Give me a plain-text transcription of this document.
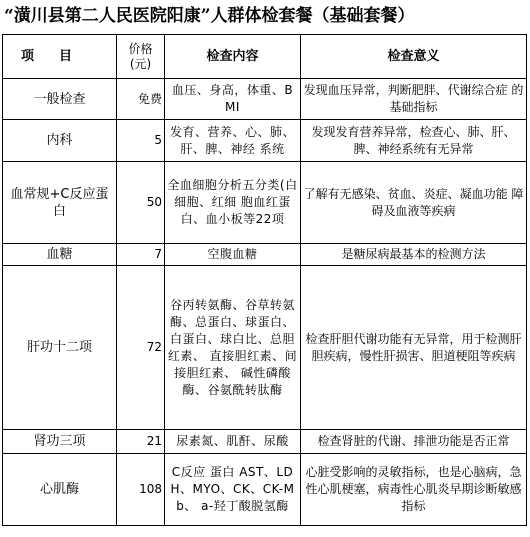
“潢川县第二人民医院阳康”人群体检套餐（基础套餐）
项　目	价格(元)	检查内容	检查意义
一般检查	免费	血压、身高，体重、BMI	发现血压异常，判断肥胖、代谢综合症 的基础指标
内科	5	发育、营养、心、肺、肝、脾、神经 系统	发现发育营养异常，检查心、肺、肝、 脾、神经系统有无异常
血常规+C反应蛋白	50	全血细胞分析五分类(白细胞、红细 胞血红蛋白、血小板等22项	了解有无感染、贫血、炎症、凝血功能 障碍及血液等疾病
血糖	7	空腹血糖	是糖尿病最基本的检测方法
肝功十二项	72	谷丙转氨酶、谷草转氨酶、总蛋白、球蛋白、白蛋白、球白比、总胆红素、 直接胆红素、间接胆红素、 碱性磷酸酶、谷氨酰转肽酶	检查肝胆代谢功能有无异常，用于检测肝胆疾病，慢性肝损害、胆道梗阻等疾病
肾功三项	21	尿素氮、肌酐、尿酸	检查肾脏的代谢、排泄功能是否正常
心肌酶	108	C反应 蛋白 AST、LDH、MYO、CK、CK-Mb、 a-羟丁酸脱氢酶	心脏受影响的灵敏指标，也是心脑病，急性心肌梗塞，病毒性心肌炎早期诊断敏感指标
